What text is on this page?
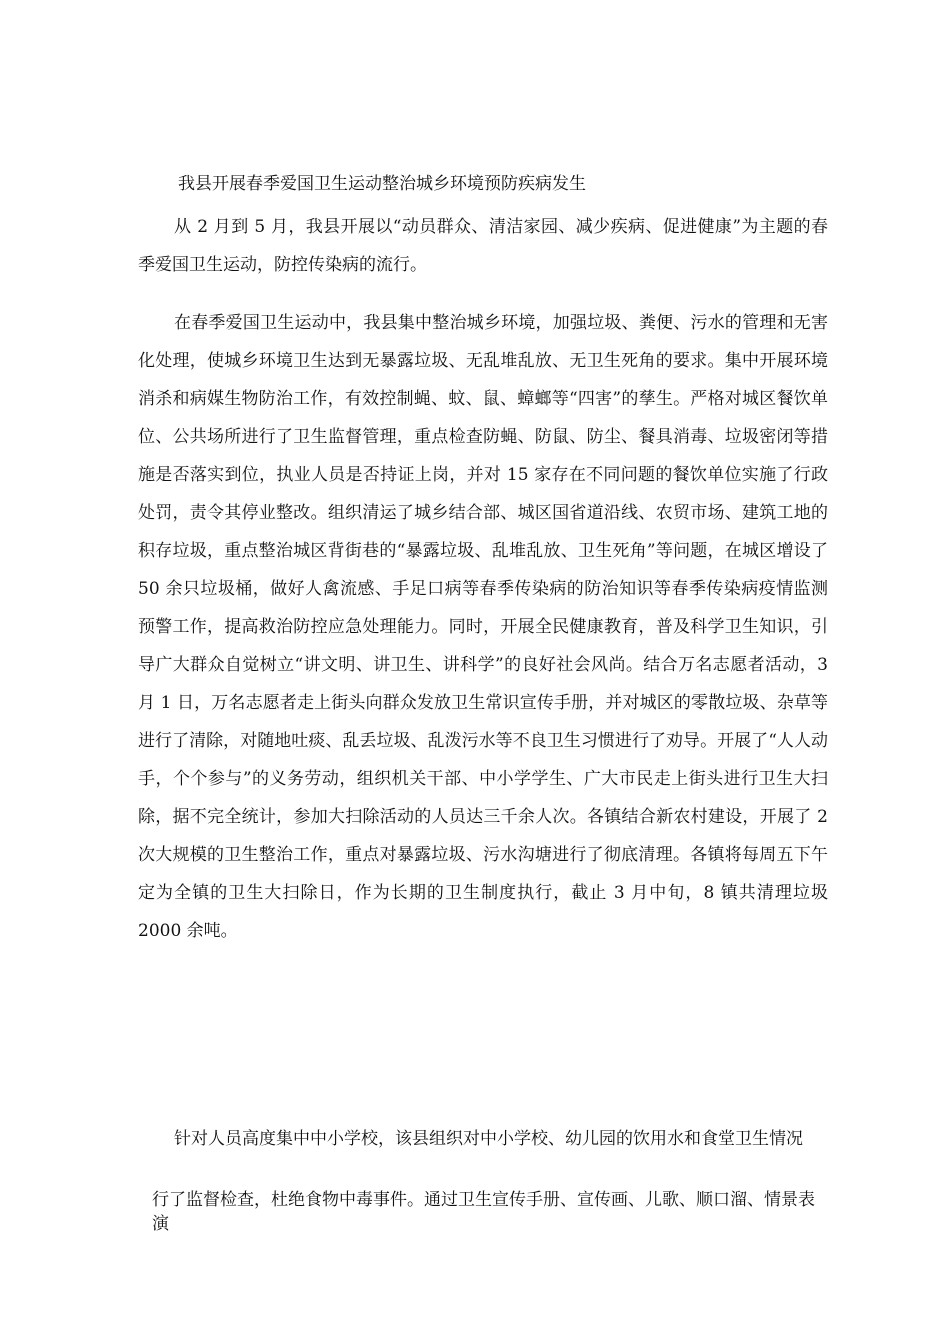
我县开展春季爱国卫生运动整治城乡环境预防疾病发生

从 2 月到 5 月，我县开展以“动员群众、清洁家园、减少疾病、促进健康”为主题的春季爱国卫生运动，防控传染病的流行。

在春季爱国卫生运动中，我县集中整治城乡环境，加强垃圾、粪便、污水的管理和无害化处理，使城乡环境卫生达到无暴露垃圾、无乱堆乱放、无卫生死角的要求。集中开展环境消杀和病媒生物防治工作，有效控制蝇、蚊、鼠、蟑螂等“四害”的孳生。严格对城区餐饮单位、公共场所进行了卫生监督管理，重点检查防蝇、防鼠、防尘、餐具消毒、垃圾密闭等措施是否落实到位，执业人员是否持证上岗，并对 15 家存在不同问题的餐饮单位实施了行政处罚，责令其停业整改。组织清运了城乡结合部、城区国省道沿线、农贸市场、建筑工地的积存垃圾，重点整治城区背街巷的“暴露垃圾、乱堆乱放、卫生死角”等问题，在城区增设了 50 余只垃圾桶，做好人禽流感、手足口病等春季传染病的防治知识等春季传染病疫情监测预警工作，提高救治防控应急处理能力。同时，开展全民健康教育，普及科学卫生知识，引导广大群众自觉树立“讲文明、讲卫生、讲科学”的良好社会风尚。结合万名志愿者活动，3 月 1 日，万名志愿者走上街头向群众发放卫生常识宣传手册，并对城区的零散垃圾、杂草等进行了清除，对随地吐痰、乱丢垃圾、乱泼污水等不良卫生习惯进行了劝导。开展了“人人动手，个个参与”的义务劳动，组织机关干部、中小学学生、广大市民走上街头进行卫生大扫除，据不完全统计，参加大扫除活动的人员达三千余人次。各镇结合新农村建设，开展了 2 次大规模的卫生整治工作，重点对暴露垃圾、污水沟塘进行了彻底清理。各镇将每周五下午定为全镇的卫生大扫除日，作为长期的卫生制度执行，截止 3 月中旬，8 镇共清理垃圾 2000 余吨。

针对人员高度集中中小学校，该县组织对中小学校、幼儿园的饮用水和食堂卫生情况

行了监督检查，杜绝食物中毒事件。通过卫生宣传手册、宣传画、儿歌、顺口溜、情景表演
